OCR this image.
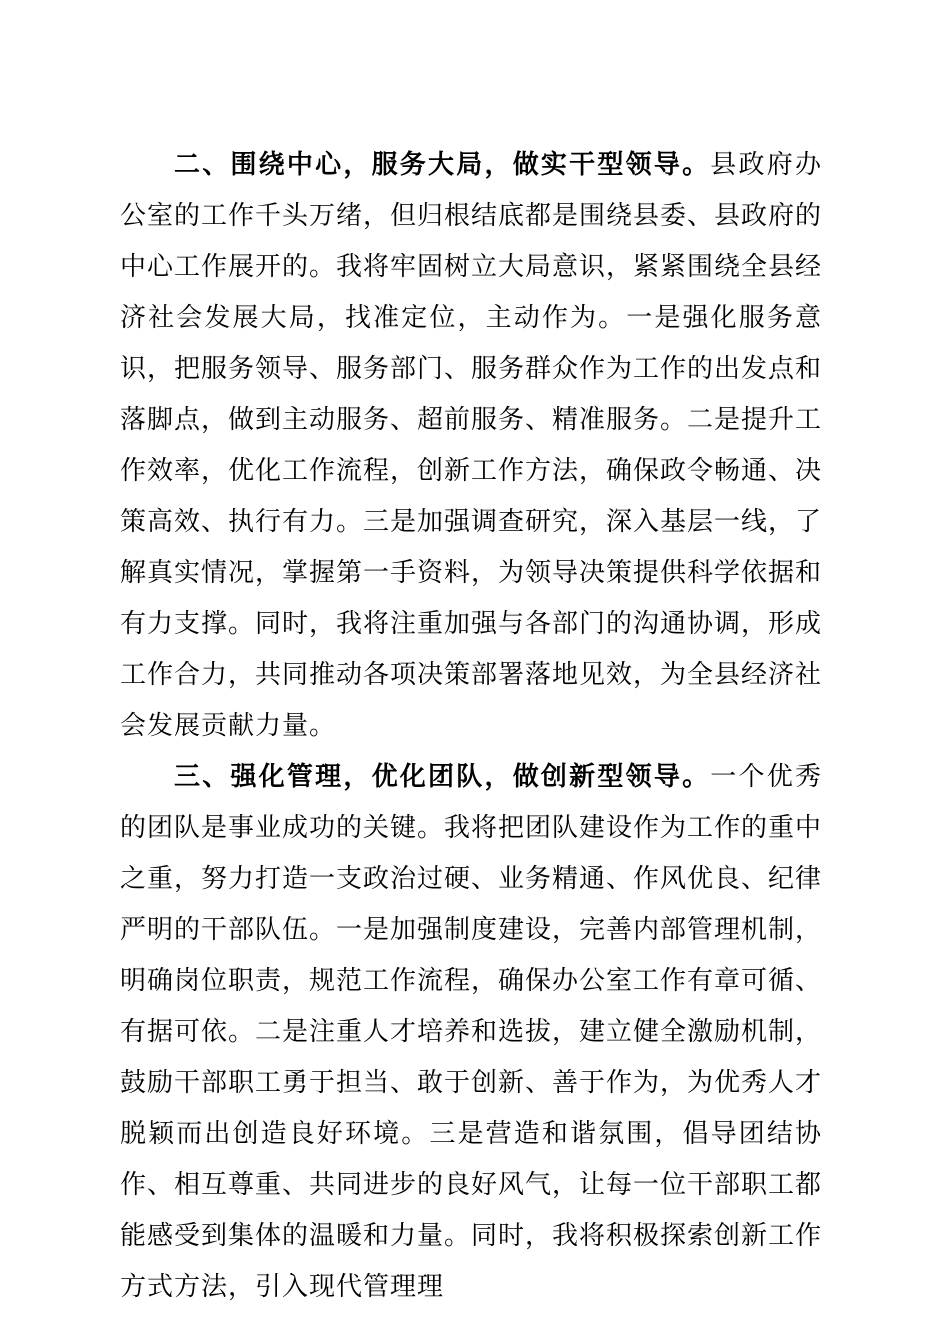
二、围绕中心，服务大局，做实干型领导。县政府办公室的工作千头万绪，但归根结底都是围绕县委、县政府的中心工作展开的。我将牢固树立大局意识，紧紧围绕全县经济社会发展大局，找准定位，主动作为。一是强化服务意识，把服务领导、服务部门、服务群众作为工作的出发点和落脚点，做到主动服务、超前服务、精准服务。二是提升工作效率，优化工作流程，创新工作方法，确保政令畅通、决策高效、执行有力。三是加强调查研究，深入基层一线，了解真实情况，掌握第一手资料，为领导决策提供科学依据和有力支撑。同时，我将注重加强与各部门的沟通协调，形成工作合力，共同推动各项决策部署落地见效，为全县经济社会发展贡献力量。

三、强化管理，优化团队，做创新型领导。一个优秀的团队是事业成功的关键。我将把团队建设作为工作的重中之重，努力打造一支政治过硬、业务精通、作风优良、纪律严明的干部队伍。一是加强制度建设，完善内部管理机制，明确岗位职责，规范工作流程，确保办公室工作有章可循、有据可依。二是注重人才培养和选拔，建立健全激励机制，鼓励干部职工勇于担当、敢于创新、善于作为，为优秀人才脱颖而出创造良好环境。三是营造和谐氛围，倡导团结协作、相互尊重、共同进步的良好风气，让每一位干部职工都能感受到集体的温暖和力量。同时，我将积极探索创新工作方式方法，引入现代管理理
